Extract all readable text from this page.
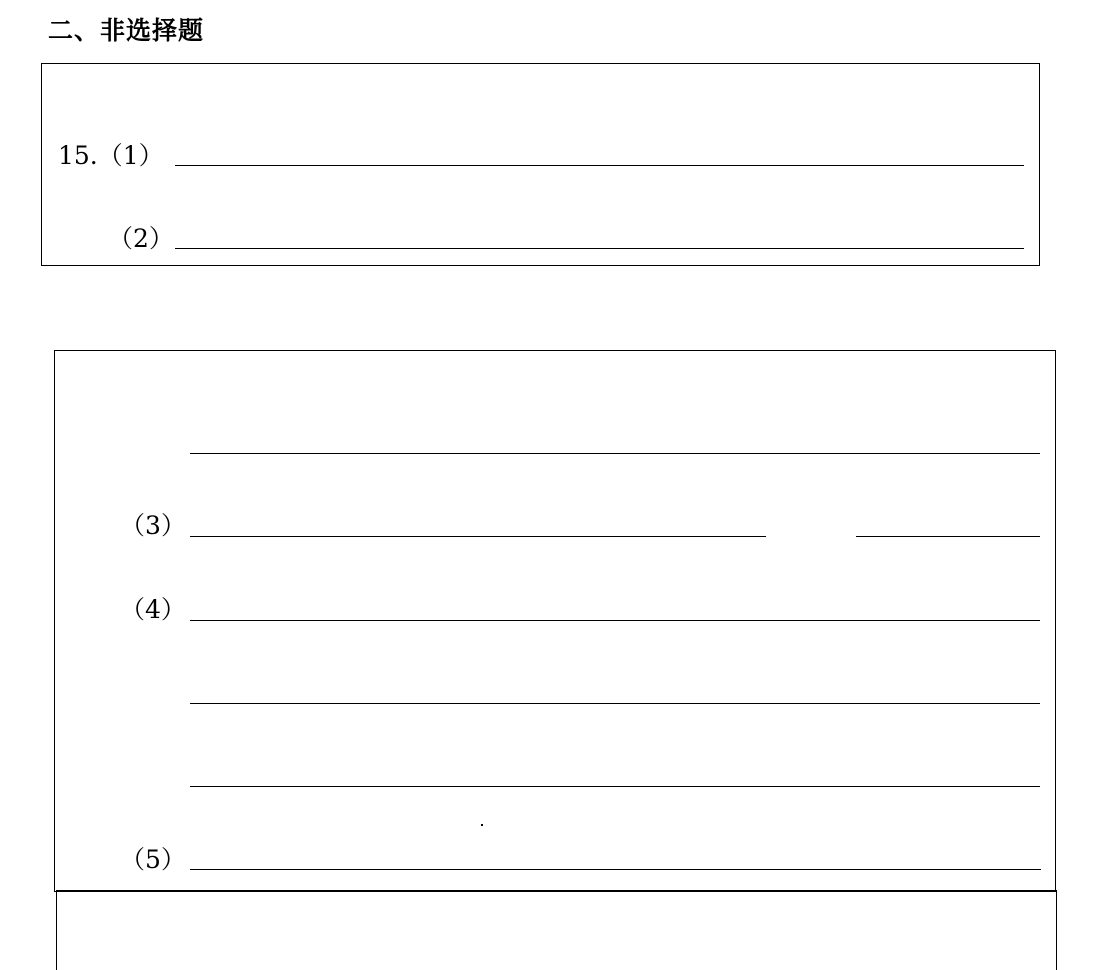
二、非选择题
15.（1）
（2）
（3）
（4）
（5）
